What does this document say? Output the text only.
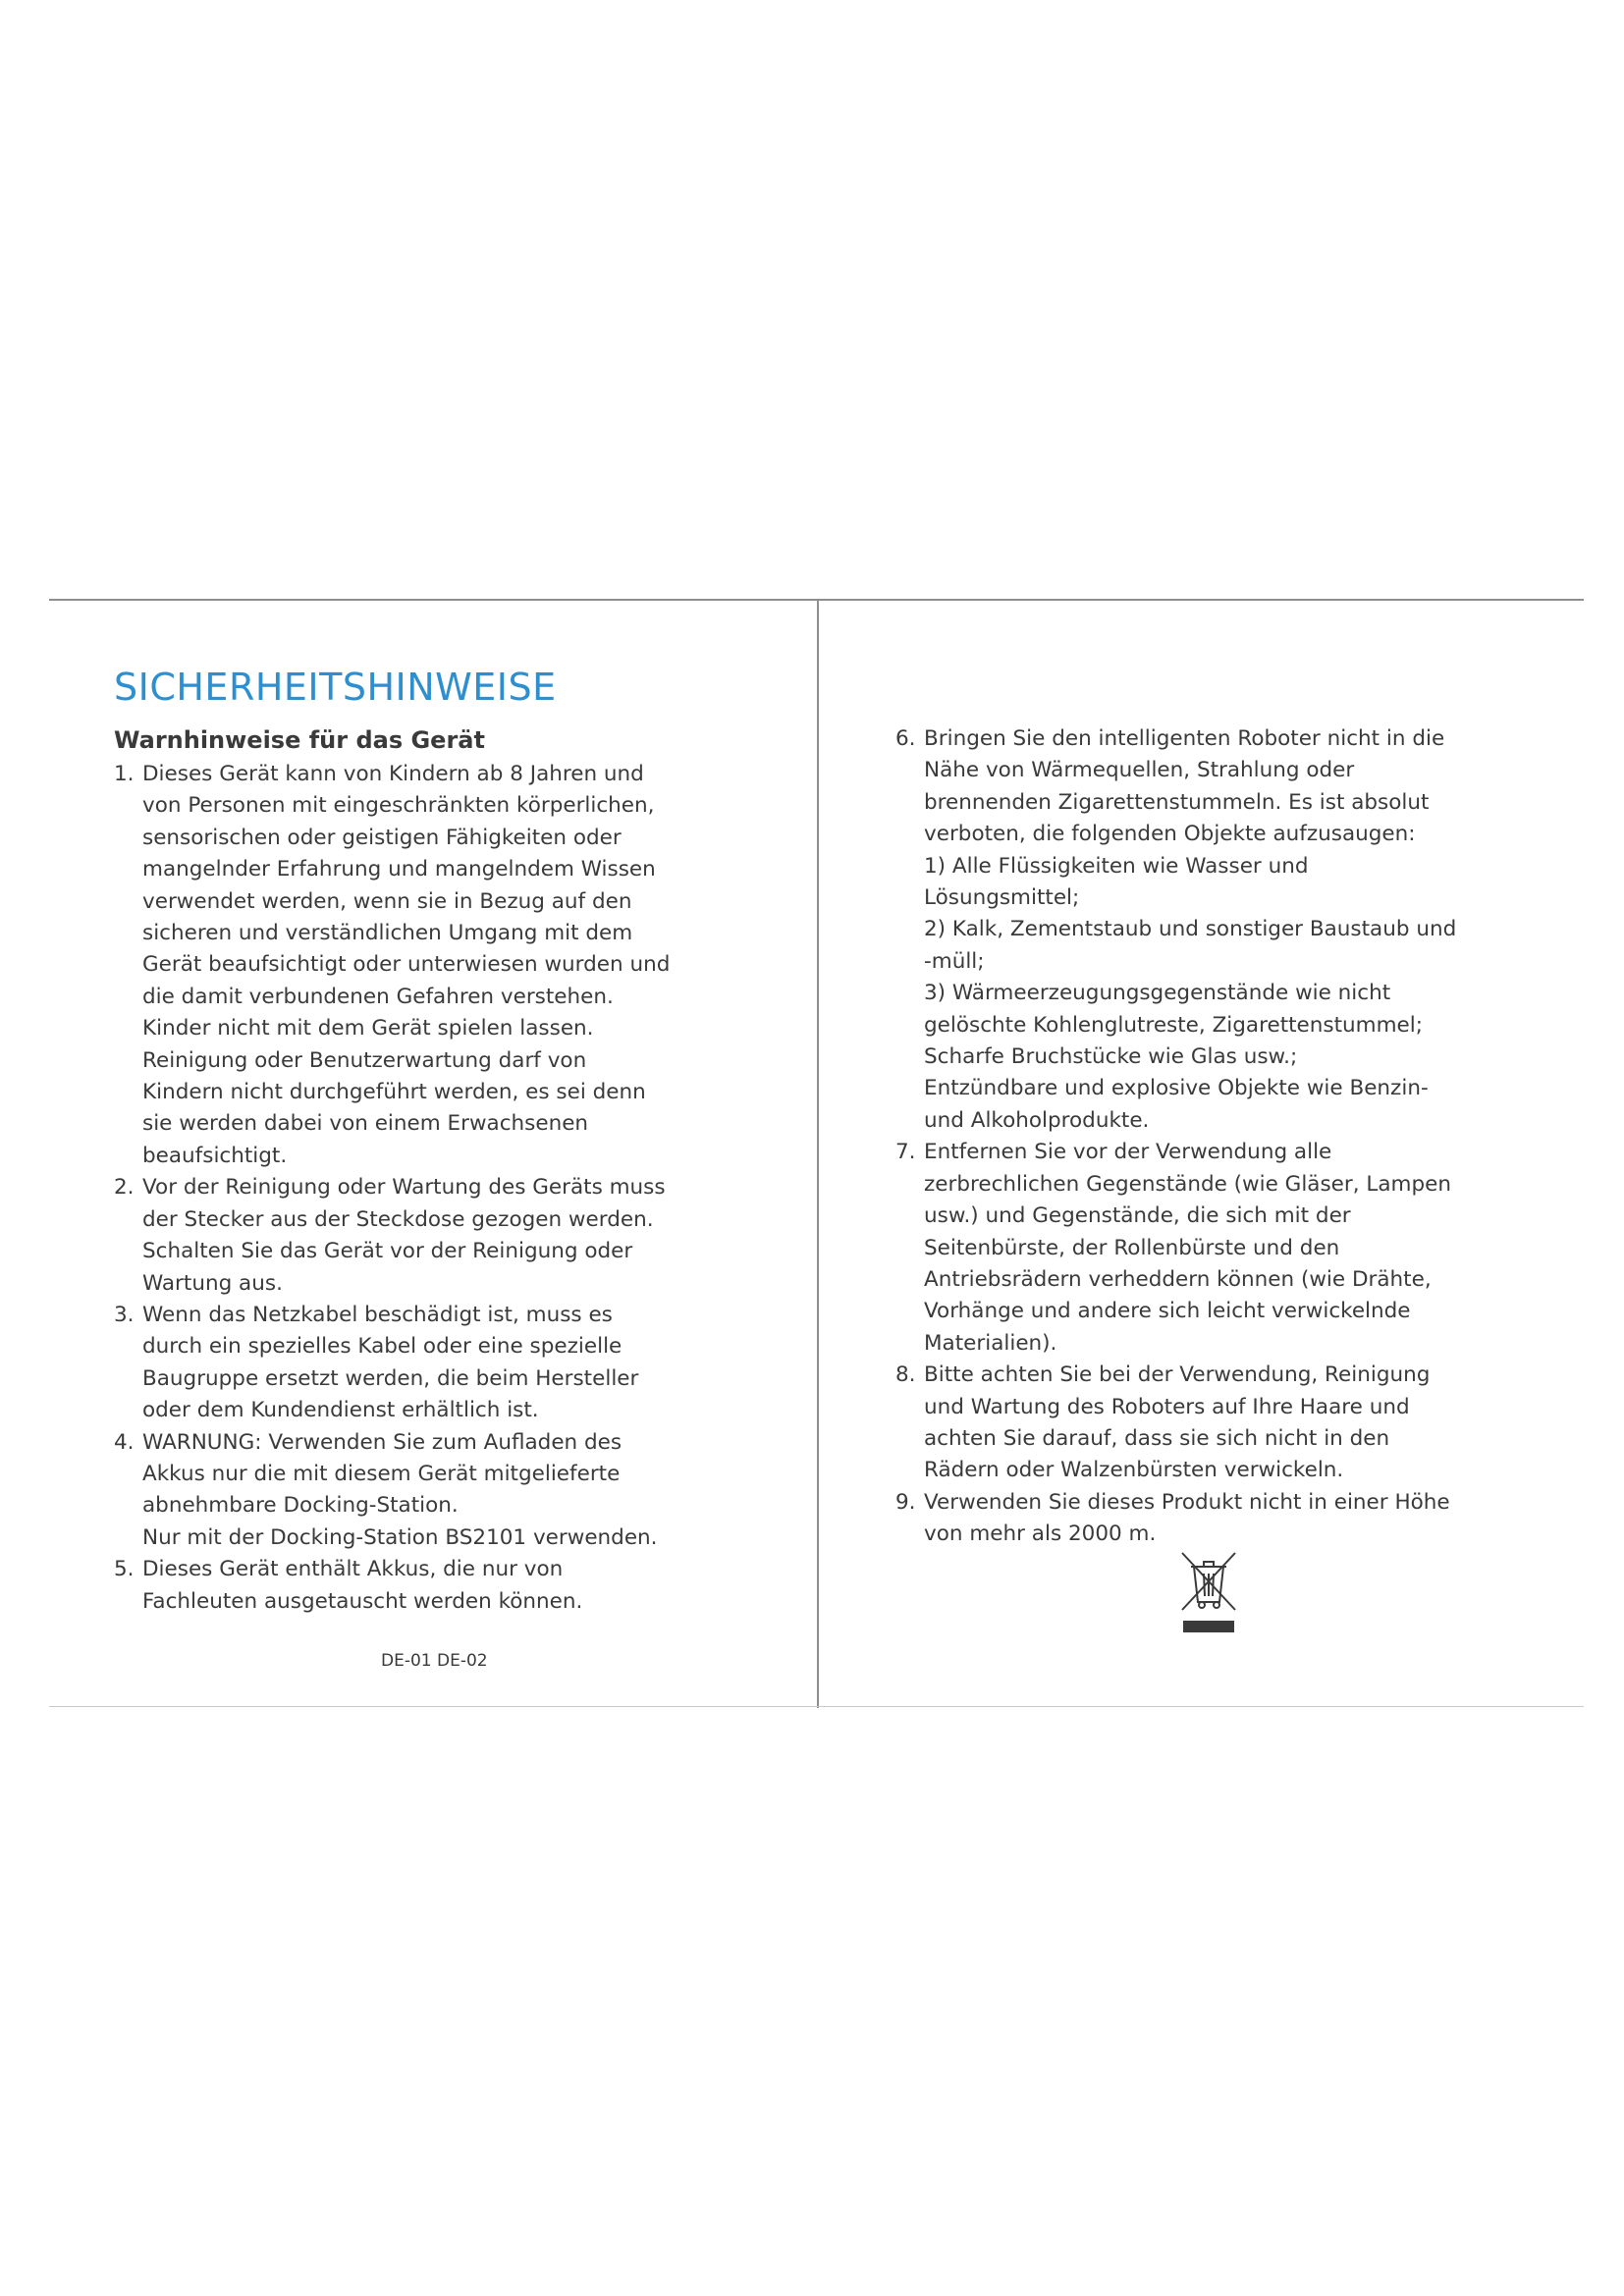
SICHERHEITSHINWEISE
Warnhinweise für das Gerät
1. Dieses Gerät kann von Kindern ab 8 Jahren und
von Personen mit eingeschränkten körperlichen,
sensorischen oder geistigen Fähigkeiten oder
mangelnder Erfahrung und mangelndem Wissen
verwendet werden, wenn sie in Bezug auf den
sicheren und verständlichen Umgang mit dem
Gerät beaufsichtigt oder unterwiesen wurden und
die damit verbundenen Gefahren verstehen.
Kinder nicht mit dem Gerät spielen lassen.
Reinigung oder Benutzerwartung darf von
Kindern nicht durchgeführt werden, es sei denn
sie werden dabei von einem Erwachsenen
beaufsichtigt.
2. Vor der Reinigung oder Wartung des Geräts muss
der Stecker aus der Steckdose gezogen werden.
Schalten Sie das Gerät vor der Reinigung oder
Wartung aus.
3. Wenn das Netzkabel beschädigt ist, muss es
durch ein spezielles Kabel oder eine spezielle
Baugruppe ersetzt werden, die beim Hersteller
oder dem Kundendienst erhältlich ist.
4. WARNUNG: Verwenden Sie zum Aufladen des
Akkus nur die mit diesem Gerät mitgelieferte
abnehmbare Docking-Station.
Nur mit der Docking-Station BS2101 verwenden.
5. Dieses Gerät enthält Akkus, die nur von
Fachleuten ausgetauscht werden können.
6. Bringen Sie den intelligenten Roboter nicht in die
Nähe von Wärmequellen, Strahlung oder
brennenden Zigarettenstummeln. Es ist absolut
verboten, die folgenden Objekte aufzusaugen:
1) Alle Flüssigkeiten wie Wasser und
Lösungsmittel;
2) Kalk, Zementstaub und sonstiger Baustaub und
-müll;
3) Wärmeerzeugungsgegenstände wie nicht
gelöschte Kohlenglutreste, Zigarettenstummel;
Scharfe Bruchstücke wie Glas usw.;
Entzündbare und explosive Objekte wie Benzin-
und Alkoholprodukte.
7. Entfernen Sie vor der Verwendung alle
zerbrechlichen Gegenstände (wie Gläser, Lampen
usw.) und Gegenstände, die sich mit der
Seitenbürste, der Rollenbürste und den
Antriebsrädern verheddern können (wie Drähte,
Vorhänge und andere sich leicht verwickelnde
Materialien).
8. Bitte achten Sie bei der Verwendung, Reinigung
und Wartung des Roboters auf Ihre Haare und
achten Sie darauf, dass sie sich nicht in den
Rädern oder Walzenbürsten verwickeln.
9. Verwenden Sie dieses Produkt nicht in einer Höhe
von mehr als 2000 m.
DE-01 DE-02
